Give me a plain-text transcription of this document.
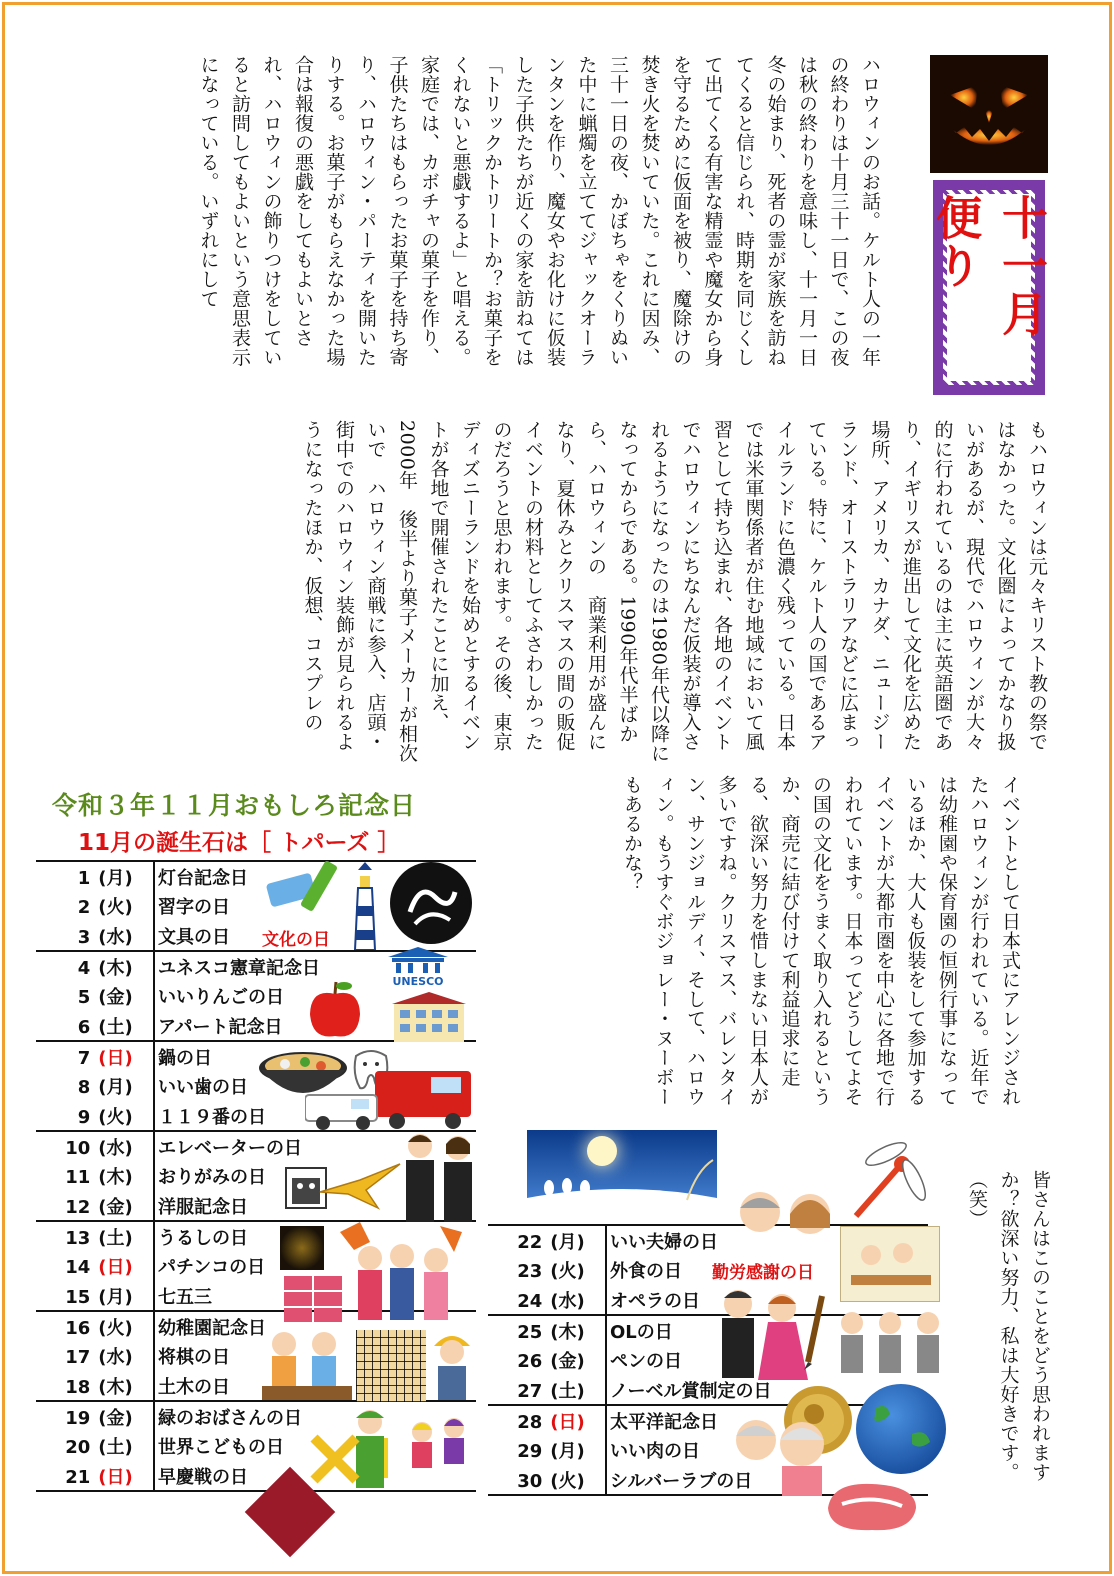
十一月便り

ハロウィンのお話。ケルト人の一年の終わりは十月三十一日で、この夜は秋の終わりを意味し、十一月一日冬の始まり、死者の霊が家族を訪ねてくると信じられ、時期を同じくして出てくる有害な精霊や魔女から身を守るために仮面を被り、魔除けの焚き火を焚いていた。これに因み、三十一日の夜、かぼちゃをくりぬいた中に蝋燭を立ててジャックオーランタンを作り、魔女やお化けに仮装した子供たちが近くの家を訪ねては「トリックかトリートか？お菓子をくれないと悪戯するよ」と唱える。家庭では、カボチャの菓子を作り、子供たちはもらったお菓子を持ち寄り、ハロウィン・パーティを開いたりする。お菓子がもらえなかった場合は報復の悪戯をしてもよいとされ、ハロウィンの飾りつけをしていると訪問してもよいという意思表示になっている。いずれにして

もハロウィンは元々キリスト教の祭ではなかった。文化圏によってかなり扱いがあるが、現代でハロウィンが大々的に行われているのは主に英語圏であり、イギリスが進出して文化を広めた場所、アメリカ、カナダ、ニュージーランド、オーストラリアなどに広まっている。特に、ケルト人の国であるアイルランドに色濃く残っている。日本では米軍関係者が住む地域において風習として持ち込まれ、各地のイベントでハロウィンにちなんだ仮装が導入されるようになったのは1980年代以降になってからである。1990年代半ばから、ハロウィンの　商業利用が盛んになり、夏休みとクリスマスの間の販促イベントの材料としてふさわしかったのだろうと思われます。その後、東京ディズニーランドを始めとするイベントが各地で開催されたことに加え、2000年　後半より菓子メーカーが相次いで　ハロウィン商戦に参入、店頭・街中でのハロウィン装飾が見られるようになったほか、仮想、コスプレの

イベントとして日本式にアレンジされたハロウィンが行われている。近年では幼稚園や保育園の恒例行事になっているほか、大人も仮装をして参加するイベントが大都市圏を中心に各地で行われています。日本ってどうしてよその国の文化をうまく取り入れるというか、商売に結び付けて利益追求に走る、欲深い努力を惜しまない日本人が多いですね。クリスマス、バレンタイン、サンジョルディ、そして、ハロウィン。もうすぐボジョレー・ヌーボーもあるかな？

皆さんはこのことをどう思われますか？欲深い努力、私は大好きです。（笑）

令和３年１１月おもしろ記念日
11月の誕生石は［ トパーズ ］
1 (月)	灯台記念日
2 (火)	習字の日
3 (水)	文具の日
4 (木)	ユネスコ憲章記念日
5 (金)	いいりんごの日
6 (土)	アパート記念日
7 (日)	鍋の日
8 (月)	いい歯の日
9 (火)	１１９番の日
10 (水)	エレベーターの日
11 (木)	おりがみの日
12 (金)	洋服記念日
13 (土)	うるしの日
14 (日)	パチンコの日
15 (月)	七五三
16 (火)	幼稚園記念日
17 (水)	将棋の日
18 (木)	土木の日
19 (金)	緑のおばさんの日
20 (土)	世界こどもの日
21 (日)	早慶戦の日
22 (月)	いい夫婦の日
23 (火)	外食の日
24 (水)	オペラの日
25 (木)	OLの日
26 (金)	ペンの日
27 (土)	ノーベル賞制定の日
28 (日)	太平洋記念日
29 (月)	いい肉の日
30 (火)	シルバーラブの日
文化の日
勤労感謝の日
UNESCO
